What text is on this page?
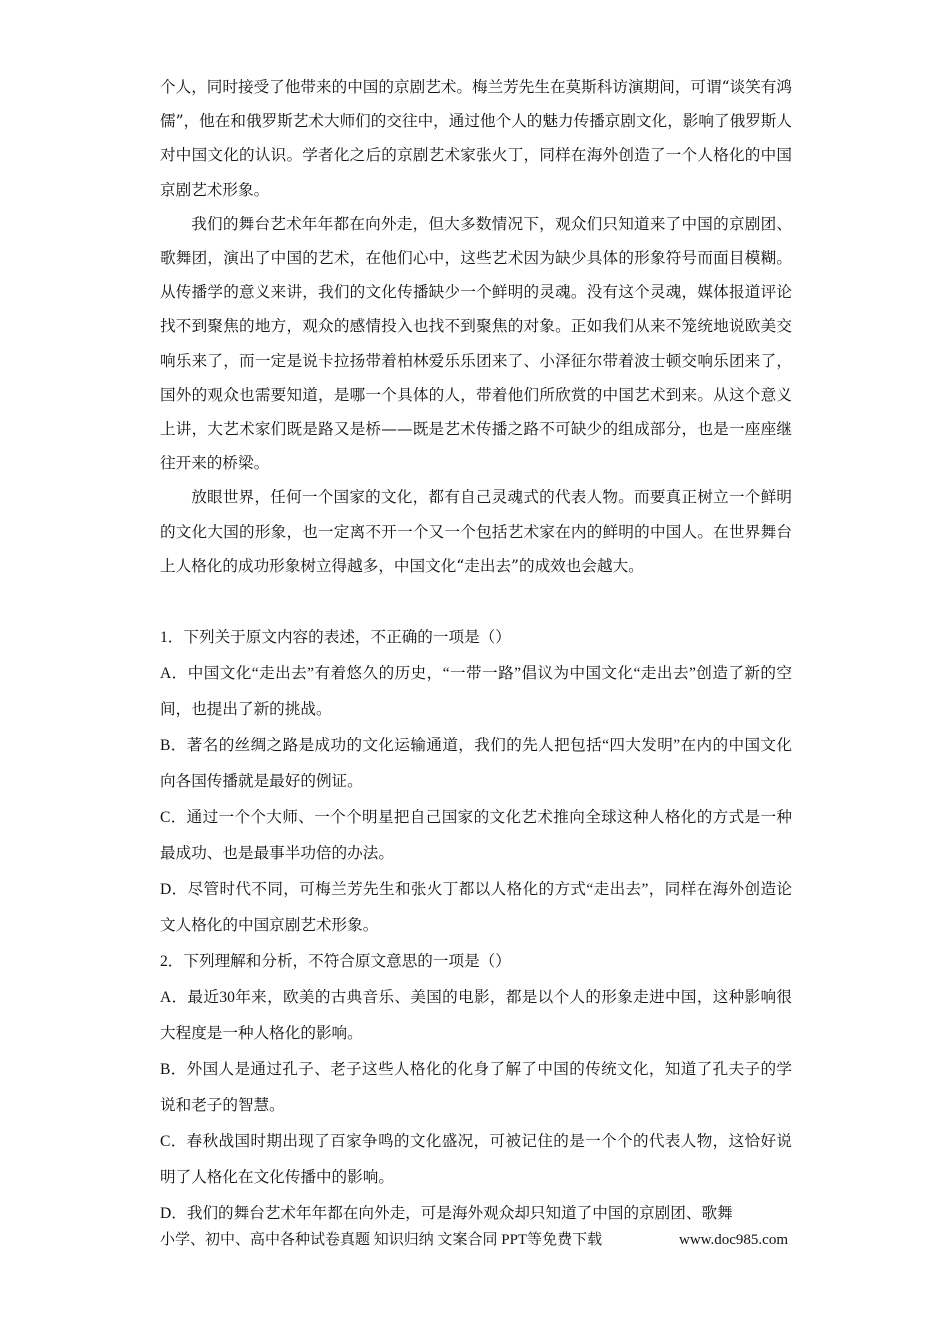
个人，同时接受了他带来的中国的京剧艺术。梅兰芳先生在莫斯科访演期间，可谓“谈笑有鸿儒”，他在和俄罗斯艺术大师们的交往中，通过他个人的魅力传播京剧文化，影响了俄罗斯人对中国文化的认识。学者化之后的京剧艺术家张火丁，同样在海外创造了一个人格化的中国京剧艺术形象。

我们的舞台艺术年年都在向外走，但大多数情况下，观众们只知道来了中国的京剧团、歌舞团，演出了中国的艺术，在他们心中，这些艺术因为缺少具体的形象符号而面目模糊。从传播学的意义来讲，我们的文化传播缺少一个鲜明的灵魂。没有这个灵魂，媒体报道评论找不到聚焦的地方，观众的感情投入也找不到聚焦的对象。正如我们从来不笼统地说欧美交响乐来了，而一定是说卡拉扬带着柏林爱乐乐团来了、小泽征尔带着波士顿交响乐团来了，国外的观众也需要知道，是哪一个具体的人，带着他们所欣赏的中国艺术到来。从这个意义上讲，大艺术家们既是路又是桥——既是艺术传播之路不可缺少的组成部分，也是一座座继往开来的桥梁。

放眼世界，任何一个国家的文化，都有自己灵魂式的代表人物。而要真正树立一个鲜明的文化大国的形象，也一定离不开一个又一个包括艺术家在内的鲜明的中国人。在世界舞台上人格化的成功形象树立得越多，中国文化“走出去”的成效也会越大。

1．下列关于原文内容的表述，不正确的一项是（）

A．中国文化“走出去”有着悠久的历史，“一带一路”倡议为中国文化“走出去”创造了新的空间，也提出了新的挑战。

B．著名的丝绸之路是成功的文化运输通道，我们的先人把包括“四大发明”在内的中国文化向各国传播就是最好的例证。

C．通过一个个大师、一个个明星把自己国家的文化艺术推向全球这种人格化的方式是一种最成功、也是最事半功倍的办法。

D．尽管时代不同，可梅兰芳先生和张火丁都以人格化的方式“走出去”，同样在海外创造论文人格化的中国京剧艺术形象。

2．下列理解和分析，不符合原文意思的一项是（）

A．最近30年来，欧美的古典音乐、美国的电影，都是以个人的形象走进中国，这种影响很大程度是一种人格化的影响。

B．外国人是通过孔子、老子这些人格化的化身了解了中国的传统文化，知道了孔夫子的学说和老子的智慧。

C．春秋战国时期出现了百家争鸣的文化盛况，可被记住的是一个个的代表人物，这恰好说明了人格化在文化传播中的影响。

D．我们的舞台艺术年年都在向外走，可是海外观众却只知道了中国的京剧团、歌舞

小学、初中、高中各种试卷真题 知识归纳 文案合同 PPT等免费下载	www.doc985.com
